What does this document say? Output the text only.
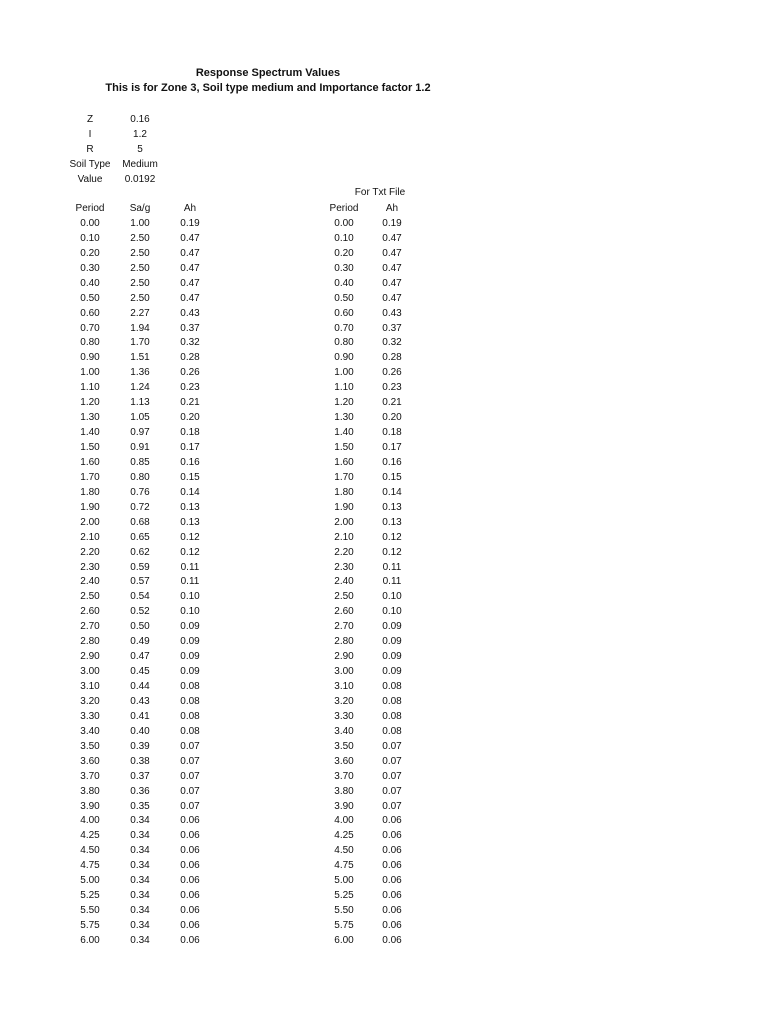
Response Spectrum Values
This is for Zone 3, Soil type medium and Importance factor 1.2
Z	0.16
I	1.2
R	5
Soil Type	Medium
Value	0.0192
For Txt File
Period	Sa/g	Ah
0.00	1.00	0.19
0.10	2.50	0.47
0.20	2.50	0.47
0.30	2.50	0.47
0.40	2.50	0.47
0.50	2.50	0.47
0.60	2.27	0.43
0.70	1.94	0.37
0.80	1.70	0.32
0.90	1.51	0.28
1.00	1.36	0.26
1.10	1.24	0.23
1.20	1.13	0.21
1.30	1.05	0.20
1.40	0.97	0.18
1.50	0.91	0.17
1.60	0.85	0.16
1.70	0.80	0.15
1.80	0.76	0.14
1.90	0.72	0.13
2.00	0.68	0.13
2.10	0.65	0.12
2.20	0.62	0.12
2.30	0.59	0.11
2.40	0.57	0.11
2.50	0.54	0.10
2.60	0.52	0.10
2.70	0.50	0.09
2.80	0.49	0.09
2.90	0.47	0.09
3.00	0.45	0.09
3.10	0.44	0.08
3.20	0.43	0.08
3.30	0.41	0.08
3.40	0.40	0.08
3.50	0.39	0.07
3.60	0.38	0.07
3.70	0.37	0.07
3.80	0.36	0.07
3.90	0.35	0.07
4.00	0.34	0.06
4.25	0.34	0.06
4.50	0.34	0.06
4.75	0.34	0.06
5.00	0.34	0.06
5.25	0.34	0.06
5.50	0.34	0.06
5.75	0.34	0.06
6.00	0.34	0.06
Period	Ah
0.00	0.19
0.10	0.47
0.20	0.47
0.30	0.47
0.40	0.47
0.50	0.47
0.60	0.43
0.70	0.37
0.80	0.32
0.90	0.28
1.00	0.26
1.10	0.23
1.20	0.21
1.30	0.20
1.40	0.18
1.50	0.17
1.60	0.16
1.70	0.15
1.80	0.14
1.90	0.13
2.00	0.13
2.10	0.12
2.20	0.12
2.30	0.11
2.40	0.11
2.50	0.10
2.60	0.10
2.70	0.09
2.80	0.09
2.90	0.09
3.00	0.09
3.10	0.08
3.20	0.08
3.30	0.08
3.40	0.08
3.50	0.07
3.60	0.07
3.70	0.07
3.80	0.07
3.90	0.07
4.00	0.06
4.25	0.06
4.50	0.06
4.75	0.06
5.00	0.06
5.25	0.06
5.50	0.06
5.75	0.06
6.00	0.06
